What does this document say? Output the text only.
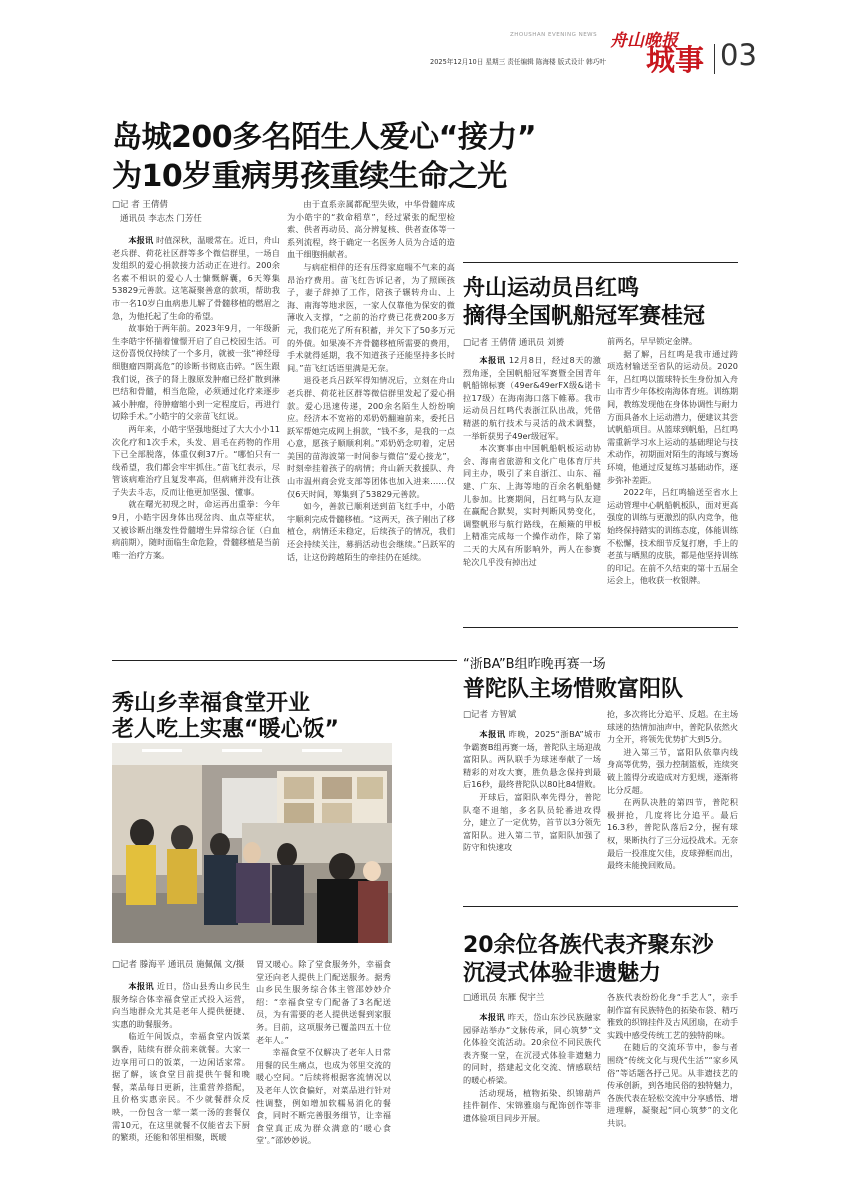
ZHOUSHAN EVENING NEWS 舟山晚报
2025年12月10日 星期三 责任编辑 陈海楼 版式设计 韩巧叶 城事 03
岛城200多名陌生人爱心“接力”
为10岁重病男孩重续生命之光
□记 者 王倩倩
通讯员 李志杰 门芳任

本报讯 时值深秋，温暖常在。近日，舟山老兵群、荷花社区群等多个微信群里，一场自发组织的爱心捐款接力活动正在进行。200余名素不相识的爱心人士慷慨解囊，6天筹集53829元善款。这笔凝聚善意的款项，帮助我市一名10岁白血病患儿解了骨髓移植的燃眉之急，为他托起了生命的希望。

故事始于两年前。2023年9月，一年级新生李皓宇怀揣着憧憬开启了自己校园生活。可这份喜悦仅持续了一个多月，就被一张“神经母细胞瘤四期高危”的诊断书彻底击碎。“医生跟我们说，孩子的肾上腺原发肿瘤已经扩散到淋巴结和骨髓，相当危险，必须通过化疗来逐步减小肿瘤，待肿瘤缩小到一定程度后，再进行切除手术。”小皓宇的父亲苗飞红说。

两年来，小皓宇坚强地挺过了大大小小11次化疗和1次手术，头发、眉毛在药物的作用下已全部脱落，体重仅剩37斤。“哪怕只有一线希望，我们都会牢牢抓住。”苗飞红表示，尽管该病难治疗且复发率高，但病痛并没有让孩子失去斗志，反而让他更加坚强、懂事。

就在曙光初现之时，命运再出重拳：今年9月，小皓宇因身体出现岔肉、血点等症状，又被诊断出继发性骨髓增生异常综合征（白血病前期），随时面临生命危险，骨髓移植是当前唯一治疗方案。

由于直系亲属都配型失败，中华骨髓库成为小皓宇的“救命稻草”，经过紧张的配型检索、供者再动员、高分辨复核、供者查体等一系列流程，终于确定一名医务人员为合适的造血干细胞捐献者。

与病症相伴的还有压得家庭喘不气来的高昂治疗费用。苗飞红告诉记者，为了照顾孩子，妻子辞掉了工作，陪孩子辗转舟山、上海、南海等地求医，一家人仅靠他为保安的微薄收入支撑，“之前的治疗费已花费200多万元，我们花光了所有积蓄，并欠下了50多万元的外债。如果凑不齐骨髓移植所需要的费用，手术就得延期，我不知道孩子还能坚持多长时间。”苗飞红话语里满是无奈。

退役老兵吕跃军得知情况后，立刻在舟山老兵群、荷花社区群等微信群里发起了爱心捐款。爱心迅速传递，200余名陌生人纷纷响应。经济本不宽裕的邓奶奶翻遍前来，委托吕跃军帮她完成网上捐款，“钱不多，是我的一点心意，愿孩子顺顺利利。”邓奶奶念叨着，定居美国的苗海波第一时间参与微信“爱心接龙”，时刻牵挂着孩子的病情；舟山新天救援队、舟山市温州商会党支部等团体也加入进来……仅仅6天时间，筹集到了53829元善款。

如今，善款已顺利送到苗飞红手中，小皓宇顺利完成骨髓移植。“这两天，孩子刚出了移植仓，病情还未稳定，后续孩子的情况，我们还会持续关注，募捐活动也会继续。”吕跃军的话，让这份跨越陌生的牵挂仍在延续。

舟山运动员吕红鸣
摘得全国帆船冠军赛桂冠
□记者 王倩倩 通讯员 刘赟

本报讯 12月8日，经过8天的激烈角逐，全国帆船冠军赛暨全国青年帆船锦标赛（49er&49erFX级&诺卡拉17级）在海南海口落下帷幕。我市运动员吕红鸣代表浙江队出战，凭借精湛的航行技术与灵活的战术调整，一举斩获男子49er级冠军。

本次赛事由中国帆船帆板运动协会、海南省旅游和文化广电体育厅共同主办，吸引了来自浙江、山东、福建、广东、上海等地的百余名帆船健儿参加。比赛期间，吕红鸣与队友迎在赢配合默契，实时判断风势变化，调整帆形与航行路线，在颠簸的甲板上精准完成每一个操作动作，除了第二天的大风有所影响外，两人在参赛轮次几乎没有掉出过

前两名，早早锁定金牌。

据了解，吕红鸣是我市通过跨项选材输送至省队的运动员。2020年，吕红鸣以篮球特长生身份加入舟山市青少年体校南海体育班。训练期间，教练发现他在身体协调性与耐力方面具备水上运动潜力，便建议其尝试帆船项目。从篮球到帆船，吕红鸣需重新学习水上运动的基础理论与技术动作，初期面对陌生的海域与赛场环境，他通过反复练习基础动作，逐步弥补差距。

2022年，吕红鸣输送至省水上运动管理中心帆船帆板队，面对更高强度的训练与更激烈的队内竞争，他始终保持踏实的训练态度，体能训练不松懈，技术细节反复打磨，手上的老茧与晒黑的皮肤，都是他坚持训练的印记。在前不久结束的第十五届全运会上，他收获一枚银牌。

“浙BA”B组昨晚再赛一场
普陀队主场惜败富阳队
□记者 方智斌

本报讯 昨晚，2025“浙BA”城市争霸赛B组再赛一场，普陀队主场迎战富阳队。两队联手为球迷奉献了一场精彩的对攻大赛，胜负悬念保持到最后16秒，最终普陀队以80比84惜败。

开球后，富阳队率先得分，普陀队毫不退缩，多名队员轮番进攻得分，建立了一定优势，首节以3分领先富阳队。进入第二节，富阳队加强了防守和快速攻

抢，多次将比分追平、反超。在主场球迷的热情加油声中，普陀队依然火力全开，将领先优势扩大到5分。

进入第三节，富阳队依靠内线身高等优势，强力控制篮板，连续突破上篮得分或造成对方犯规，逐渐将比分反超。

在两队决胜的第四节，普陀积极拼抢，几度将比分追平。最后16.3秒，普陀队落后2分，握有球权，果断执行了三分远投战术。无奈最后一投准度欠佳，皮球弹框而出，最终未能挽回败局。

秀山乡幸福食堂开业
老人吃上实惠“暖心饭”
□记者 滕海平 通讯员 施佩佩 文/摄

本报讯 近日，岱山县秀山乡民生服务综合体幸福食堂正式投入运营，向当地群众尤其是老年人提供便捷、实惠的助餐服务。

临近午间饭点，幸福食堂内饭菜飘香，陆续有群众前来就餐。大家一边享用可口的饭菜，一边闲话家常。据了解，该食堂目前提供午餐和晚餐，菜品每日更新，注重营养搭配，且价格实惠亲民。不少就餐群众反映，一份包含一荤一菜一汤的套餐仅需10元，在这里就餐不仅能省去下厨的繁琐，还能和邻里相聚，既暖

胃又暖心。除了堂食服务外，幸福食堂还向老人提供上门配送服务。据秀山乡民生服务综合体主管邵妙妙介绍：“幸福食堂专门配备了3名配送员，为有需要的老人提供送餐到家服务。目前，这项服务已覆盖四五十位老年人。”

幸福食堂不仅解决了老年人日常用餐的民生痛点，也成为邻里交流的暖心空间。“后续将根据客流情况以及老年人饮食偏好，对菜品进行针对性调整，例如增加软糯易消化的餐食，同时不断完善服务细节，让幸福食堂真正成为群众满意的‘暖心食堂’。”邵妙妙说。

20余位各族代表齐聚东沙
沉浸式体验非遗魅力
□通讯员 东雁 倪宇兰

本报讯 昨天，岱山东沙民族融家园驿站举办“文脉传承，同心筑梦”文化体验交流活动。20余位不同民族代表齐聚一堂，在沉浸式体验非遗魅力的同时，搭建起文化交流、情感联结的暖心桥梁。

活动现场，植物拓染、织锦葫芦挂件制作、宋锦雅扇与配饰创作等非遗体验项目同步开展。

各族代表纷纷化身“手艺人”，亲手制作富有民族特色的拓染布袋、精巧雅致的织锦挂件及古风团扇，在动手实践中感受传统工艺的独特韵味。

在随后的交流环节中，参与者围绕“传统文化与现代生活”“家乡风俗”等话题各抒己见。从非遗技艺的传承创新，到各地民俗的独特魅力，各族代表在轻松交流中分享感悟、增进理解，凝聚起“同心筑梦”的文化共识。
